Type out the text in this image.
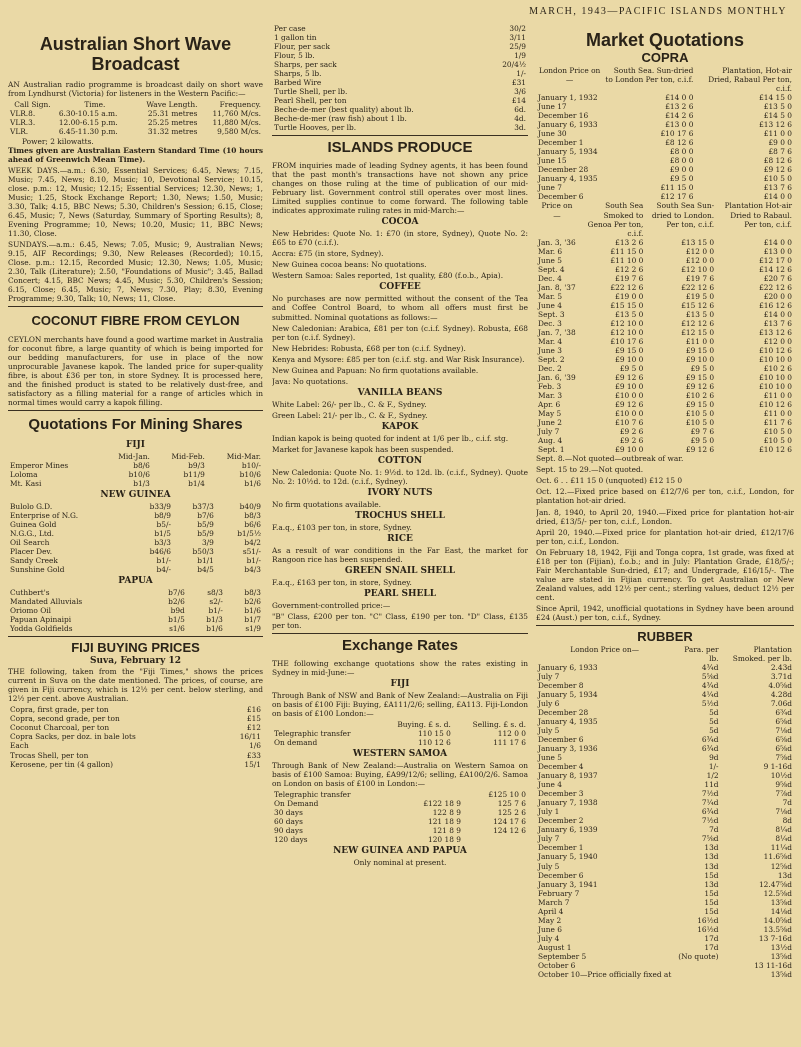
MARCH, 1943—PACIFIC ISLANDS MONTHLY
Australian Short Wave Broadcast
AN Australian radio programme is broadcast daily on short wave from Lyndhurst (Victoria) for listeners in the Western Pacific:—
Call Sign.	Time.	Wave Length.	Frequency.
VLR.8.	6.30-10.15 a.m.	25.31 metres	11,760 M/cs.
VLR.3.	12.00-6.15 p.m.	25.25 metres	11,880 M/cs.
VLR.	6.45-11.30 p.m.	31.32 metres	9,580 M/cs.
Power; 2 kilowatts.
Times given are Australian Eastern Standard Time (10 hours ahead of Greenwich Mean Time).
WEEK DAYS.—a.m.: 6.30, Essential Services; 6.45, News; 7.15, Music; 7.45, News; 8.10, Music; 10, Devotional Service; 10.15, close. p.m.: 12, Music; 12.15; Essential Services; 12.30, News; 1, Music; 1.25, Stock Exchange Report; 1.30, News; 1.50, Music; 3.30, Talk; 4.15, BBC News; 5.30, Children's Session; 6.15, Close; 6.45, Music; 7, News (Saturday, Summary of Sporting Results); 8, Evening Programme; 10, News; 10.20, Music; 11, BBC News; 11.30, Close.
SUNDAYS.—a.m.: 6.45, News; 7.05, Music; 9, Australian News; 9.15, AIF Recordings; 9.30, New Releases (Recorded); 10.15, Close. p.m.: 12.15, Recorded Music; 12.30, News; 1.05, Music; 2.30, Talk (Literature); 2.50, "Foundations of Music"; 3.45, Ballad Concert; 4.15, BBC News; 4.45, Music; 5.30, Children's Session; 6.15, Close; 6.45, Music; 7, News; 7.30, Play; 8.30, Evening Programme; 9.30, Talk; 10, News; 11, Close.
COCONUT FIBRE FROM CEYLON
CEYLON merchants have found a good wartime market in Australia for coconut fibre, a large quantity of which is being imported for our bedding manufacturers, for use in place of the now unprocurable Javanese kapok. The landed price for super-quality fibre, is about £36 per ton, in store Sydney. It is processed here, and the finished product is stated to be relatively dust-free, and satisfactory as a filling material for a range of articles which in normal times would carry a kapok filling.
Quotations For Mining Shares
FIJI
	Mid-Jan.	Mid-Feb.	Mid-Mar.
Emperor Mines	b8/6	b9/3	b10/-
Loloma	b10/6	b11/9	b10/6
Mt. Kasi	b1/3	b1/4	b1/6
NEW GUINEA
Bulolo G.D.	b33/9	b37/3	b40/9
Enterprise of N.G.	b8/9	b7/6	b8/3
Guinea Gold	b5/-	b5/9	b6/6
N.G.G., Ltd.	b1/5	b5/9	b1/5½
Oil Search	b3/3	3/9	b4/2
Placer Dev.	b46/6	b50/3	s51/-
Sandy Creek	b1/-	b1/1	b1/-
Sunshine Gold	b4/-	b4/5	b4/3
PAPUA
Cuthbert's	b7/6	s8/3	b8/3
Mandated Alluvials	b2/6	s2/-	b2/6
Oriomo Oil	b9d	b1/-	b1/6
Papuan Apinaipi	b1/5	b1/3	b1/7
Yodda Goldfields	s1/6	b1/6	s1/9
FIJI BUYING PRICES
Suva, February 12
THE following, taken from the "Fiji Times," shows the prices current in Suva on the date mentioned. The prices, of course, are given in Fiji currency, which is 12½ per cent. below sterling, and 12½ per cent. above Australian.
Copra, first grade, per ton	£16
Copra, second grade, per ton	£15
Coconut Charcoal, per ton	£12
Copra Sacks, per doz. in bale lots	16/11
Each	1/6
Trocas Shell, per ton	£33
Kerosene, per tin (4 gallon)	15/1
Per case	30/2
1 gallon tin	3/11
Flour, per sack	25/9
Flour, 5 lb.	1/9
Sharps, per sack	20/4½
Sharps, 5 lb.	1/-
Barbed Wire	£31
Turtle Shell, per lb.	3/6
Pearl Shell, per ton	£14
Beche-de-mer (best quality) about lb.	6d.
Beche-de-mer (raw fish) about 1 lb.	4d.
Turtle Hooves, per lb.	3d.
ISLANDS PRODUCE
FROM inquiries made of leading Sydney agents, it has been found that the past month's transactions have not shown any price changes on those ruling at the time of publication of our mid-February list. Government control still operates over most lines. Limited supplies continue to come forward. The following table indicates approximate ruling rates in mid-March:—
COCOA
New Hebrides: Quote No. 1: £70 (in store, Sydney), Quote No. 2: £65 to £70 (c.i.f.).
Accra: £75 (in store, Sydney).
New Guinea cocoa beans: No quotations.
Western Samoa: Sales reported, 1st quality, £80 (f.o.b., Apia).
COFFEE
No purchases are now permitted without the consent of the Tea and Coffee Control Board, to whom all offers must first be submitted. Nominal quotations as follows:—
New Caledonian: Arabica, £81 per ton (c.i.f. Sydney). Robusta, £68 per ton (c.i.f. Sydney).
New Hebrides: Robusta, £68 per ton (c.i.f. Sydney).
Kenya and Mysore: £85 per ton (c.i.f. stg. and War Risk Insurance).
New Guinea and Papuan: No firm quotations available.
Java: No quotations.
VANILLA BEANS
White Label: 26/- per lb., C. & F., Sydney.
Green Label: 21/- per lb., C. & F., Sydney.
KAPOK
Indian kapok is being quoted for indent at 1/6 per lb., c.i.f. stg.
Market for Javanese kapok has been suspended.
COTTON
New Caledonia: Quote No. 1: 9½d. to 12d. lb. (c.i.f., Sydney). Quote No. 2: 10½d. to 12d. (c.i.f., Sydney).
IVORY NUTS
No firm quotations available.
TROCHUS SHELL
F.a.q., £103 per ton, in store, Sydney.
RICE
As a result of war conditions in the Far East, the market for Rangoon rice has been suspended.
GREEN SNAIL SHELL
F.a.q., £163 per ton, in store, Sydney.
PEARL SHELL
Government-controlled price:—
"B" Class, £200 per ton. "C" Class, £190 per ton. "D" Class, £135 per ton.
Exchange Rates
THE following exchange quotations show the rates existing in Sydney in mid-June:—
FIJI
Through Bank of NSW and Bank of New Zealand:—Australia on Fiji on basis of £100 Fiji: Buying, £A111/2/6; selling, £A113. Fiji-London on basis of £100 London:—
	Buying. £ s. d.	Selling. £ s. d.
Telegraphic transfer	110 15 0	112 0 0
On demand	110 12 6	111 17 6
WESTERN SAMOA
Through Bank of New Zealand:—Australia on Western Samoa on basis of £100 Samoa: Buying, £A99/12/6; selling, £A100/2/6. Samoa on London on basis of £100 in London:—
Telegraphic transfer		£125 10 0
On Demand	£122 18 9	125 7 6
30 days	122 8 9	125 2 6
60 days	121 18 9	124 17 6
90 days	121 8 9	124 12 6
120 days	120 18 9	
NEW GUINEA AND PAPUA
Only nominal at present.
Market Quotations
COPRA
London Price on—	South Sea. Sun-dried to London Per ton, c.i.f.	Plantation, Hot-air Dried, Rabaul Per ton, c.i.f.
January 1, 1932	£14 0 0	£14 15 0
June 17	£13 2 6	£13 5 0
December 16	£14 2 6	£14 5 0
January 6, 1933	£13 0 0	£13 12 6
June 30	£10 17 6	£11 0 0
December 1	£8 12 6	£9 0 0
January 5, 1934	£8 0 0	£8 7 6
June 15	£8 0 0	£8 12 6
December 28	£9 0 0	£9 12 6
January 4, 1935	£9 5 0	£10 5 0
June 7	£11 15 0	£13 7 6
December 6	£12 17 6	£14 0 0
Price on—	South Sea Smoked to Genoa Per ton, c.i.f.	South Sea Sun-dried to London. Per ton, c.i.f.	Plantation Hot-air Dried to Rabaul. Per ton, c.i.f.
Jan. 3, '36	£13 2 6	£13 15 0	£14 0 0
Mar. 6	£11 15 0	£12 0 0	£13 0 0
June 5	£11 10 0	£12 0 0	£12 17 0
Sept. 4	£12 2 6	£12 10 0	£14 12 6
Dec. 4	£19 7 6	£19 7 6	£20 7 6
Jan. 8, '37	£22 12 6	£22 12 6	£22 12 6
Mar. 5	£19 0 0	£19 5 0	£20 0 0
June 4	£15 15 0	£15 12 6	£16 12 6
Sept. 3	£13 5 0	£13 5 0	£14 0 0
Dec. 3	£12 10 0	£12 12 6	£13 7 6
Jan. 7, '38	£12 10 0	£12 15 0	£13 12 6
Mar. 4	£10 17 6	£11 0 0	£12 0 0
June 3	£9 15 0	£9 15 0	£10 12 6
Sept. 2	£9 10 0	£9 10 0	£10 10 0
Dec. 2	£9 5 0	£9 5 0	£10 2 6
Jan. 6, '39	£9 12 6	£9 15 0	£10 10 0
Feb. 3	£9 10 0	£9 12 6	£10 10 0
Mar. 3	£10 0 0	£10 2 6	£11 0 0
Apr. 6	£9 12 6	£9 15 0	£10 12 6
May 5	£10 0 0	£10 5 0	£11 0 0
June 2	£10 7 6	£10 5 0	£11 7 6
July 7	£9 2 6	£9 7 6	£10 5 0
Aug. 4	£9 2 6	£9 5 0	£10 5 0
Sept. 1	£9 10 0	£9 12 6	£10 12 6
Sept. 8.—Not quoted—outbreak of war.
Sept. 15 to 29.—Not quoted.
Oct. 6 . . £11 15 0 (unquoted) £12 15 0
Oct. 12.—Fixed price based on £12/7/6 per ton, c.i.f., London, for plantation hot-air dried.
Jan. 8, 1940, to April 20, 1940.—Fixed price for plantation hot-air dried, £13/5/- per ton, c.i.f., London.
April 20, 1940.—Fixed price for plantation hot-air dried, £12/17/6 per ton, c.i.f., London.
On February 18, 1942, Fiji and Tonga copra, 1st grade, was fixed at £18 per ton (Fijian), f.o.b.; and in July: Plantation Grade, £18/5/-; Fair Merchantable Sun-dried, £17; and Undergrade, £16/15/-. The value are stated in Fijian currency. To get Australian or New Zealand values, add 12½ per cent.; sterling values, deduct 12½ per cent.
Since April, 1942, unofficial quotations in Sydney have been around £24 (Aust.) per ton, c.i.f., Sydney.
RUBBER
London Price on—	Para. per lb.	Plantation Smoked. per lb.
January 6, 1933	4¾d	2.43d
July 7	5⅝d	3.71d
December 8	4¾d	4.0⅝d
January 5, 1934	4¼d	4.28d
July 6	5½d	7.06d
December 28	5d	6¾d
January 4, 1935	5d	6⅝d
July 5	5d	7⅛d
December 6	6¾d	6⅝d
January 3, 1936	6¾d	6⅝d
June 5	9d	7⅝d
December 4	1/-	9 1-16d
January 8, 1937	1/2	10½d
June 4	11d	9⅝d
December 3	7½d	7⅞d
January 7, 1938	7¼d	7d
July 1	6¾d	7⅛d
December 2	7½d	8d
January 6, 1939	7d	8¼d
July 7	7⅝d	8¼d
December 1	13d	11¼d
January 5, 1940	13d	11.6⅝d
July 5	13d	12⅝d
December 6	15d	13d
January 3, 1941	13d	12.47⅝d
February 7	15d	12.5⅝d
March 7	15d	13⅝d
April 4	15d	14⅛d
May 2	16½d	14.0⅝d
June 6	16½d	13.5⅝d
July 4	17d	13 7-16d
August 1	17d	13½d
September 5	(No quote)	13⅝d
October 6		13 11-16d
October 10—Price officially fixed at		13⅝d
